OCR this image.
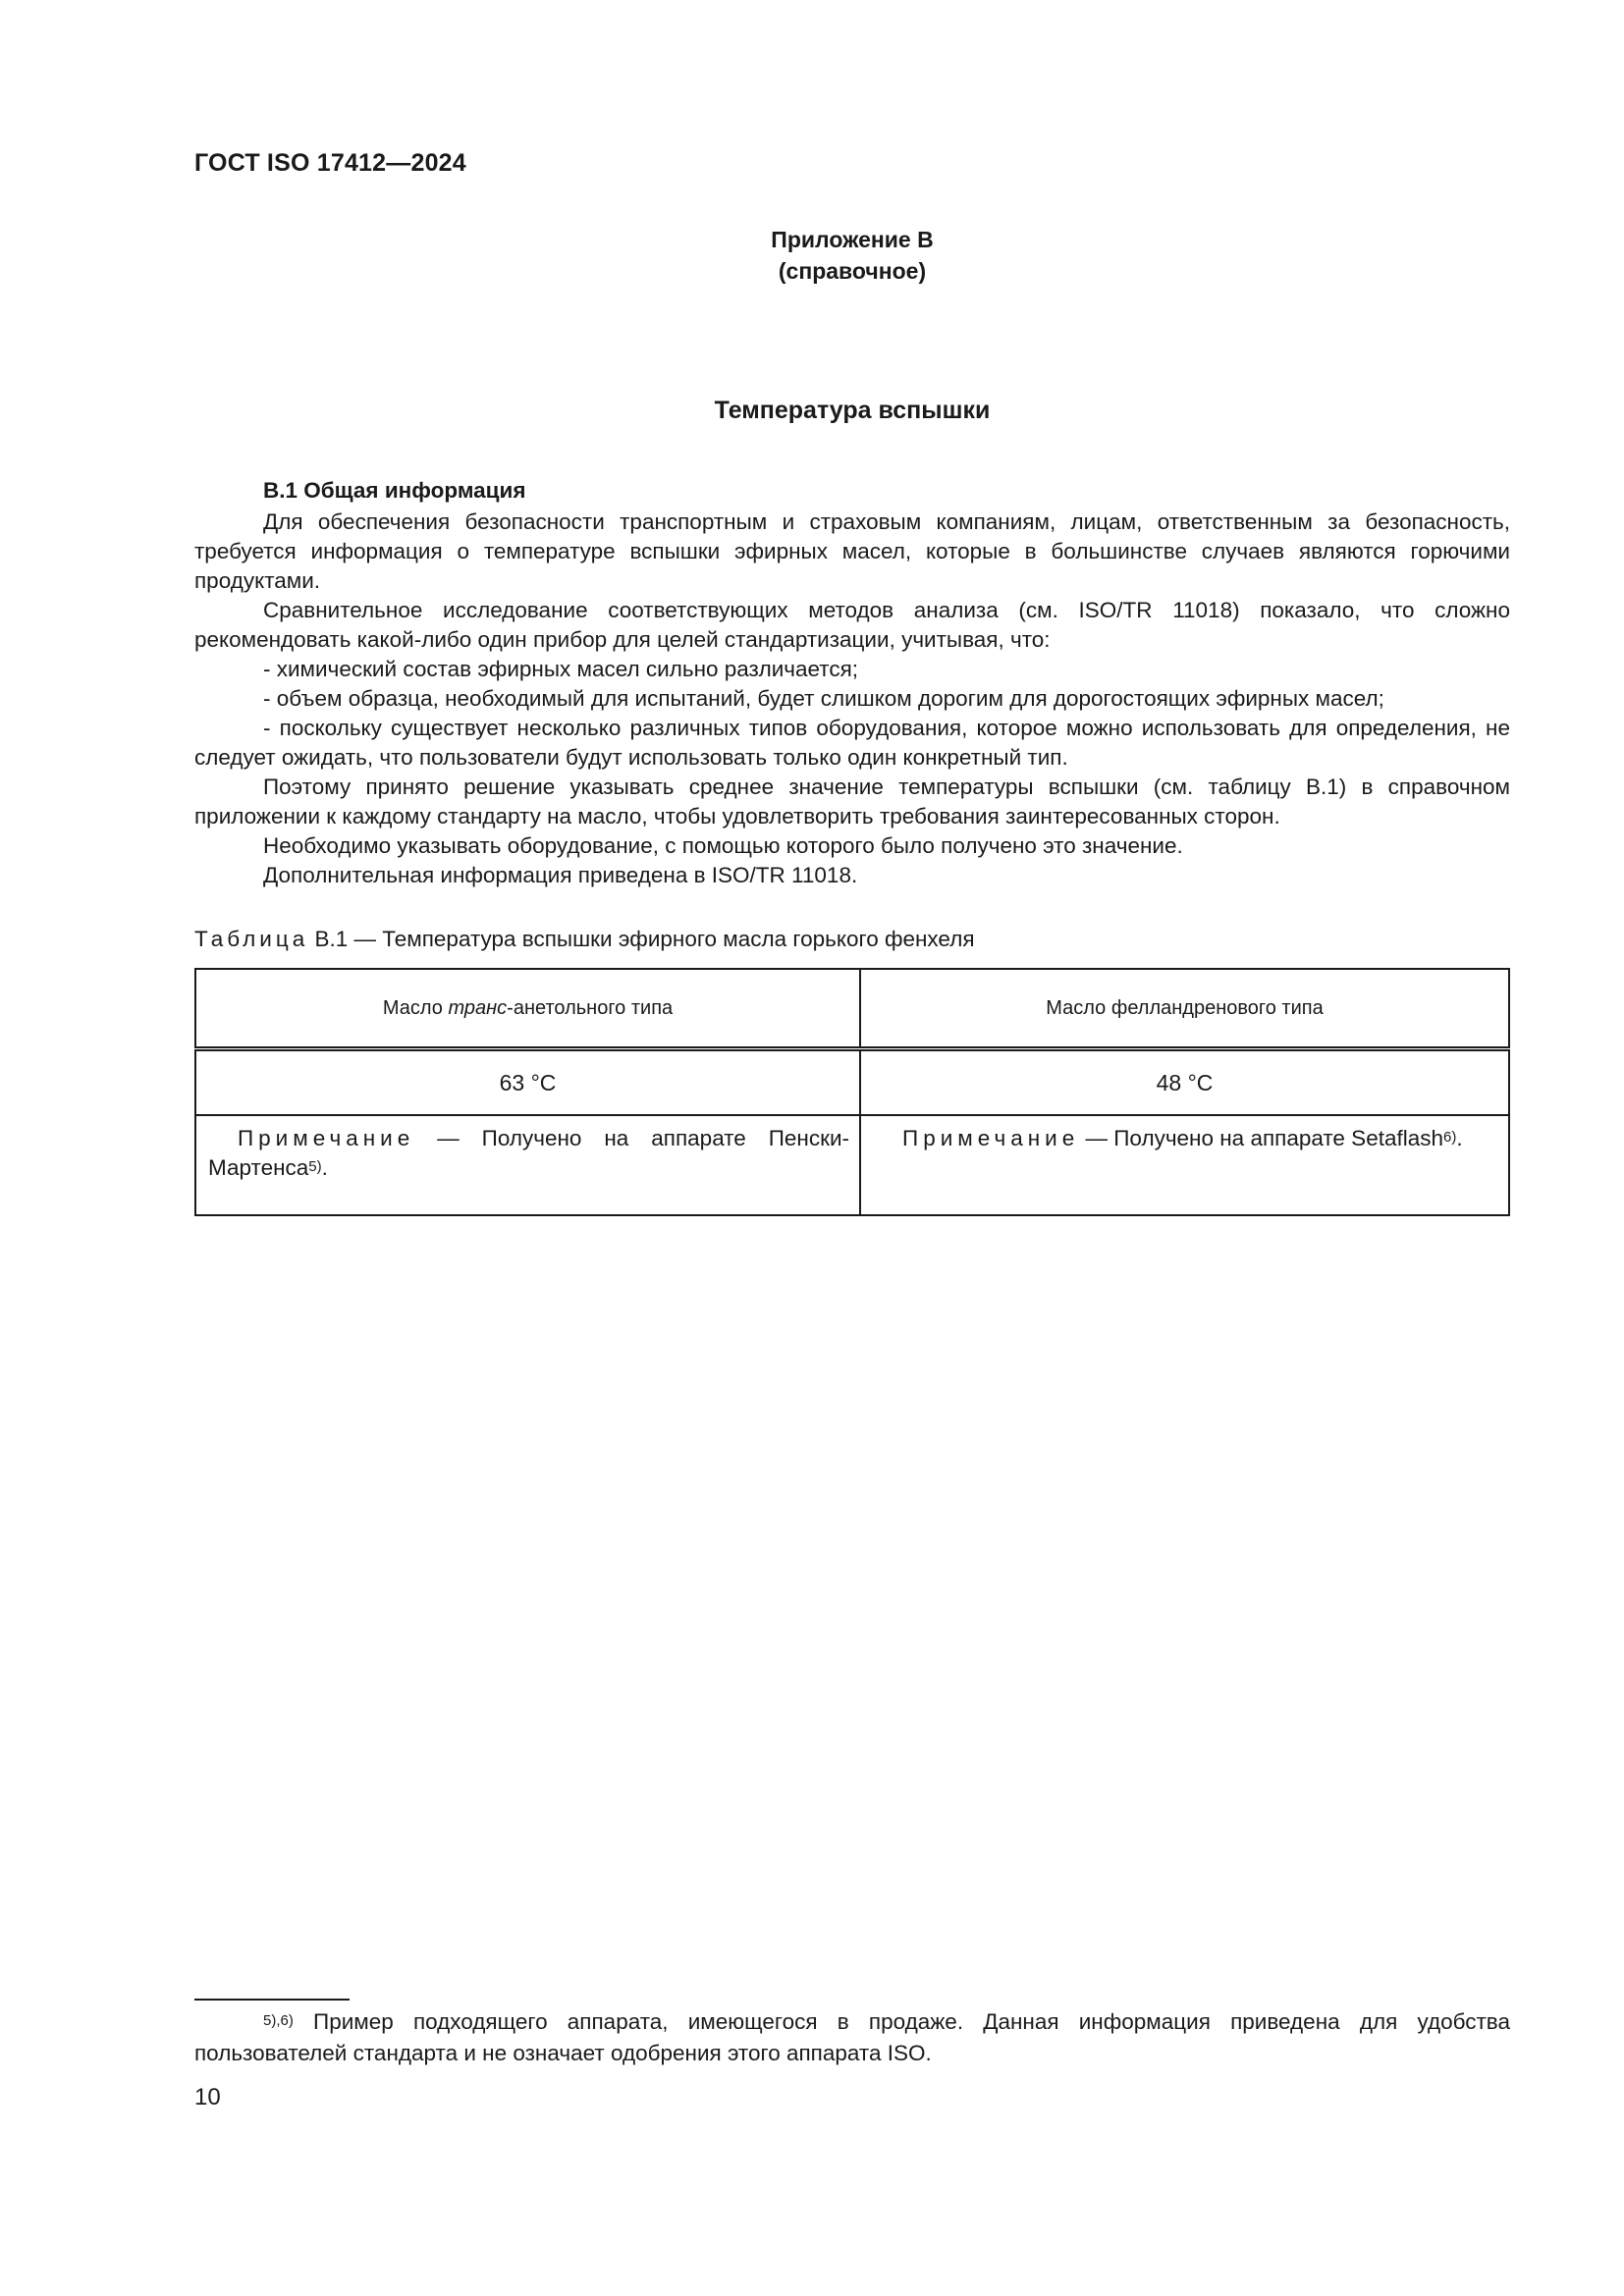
ГОСТ ISO 17412—2024
Приложение В
(справочное)
Температура вспышки
В.1 Общая информация

Для обеспечения безопасности транспортным и страховым компаниям, лицам, ответственным за безопасность, требуется информация о температуре вспышки эфирных масел, которые в большинстве случаев являются горючими продуктами.

Сравнительное исследование соответствующих методов анализа (см. ISO/TR 11018) показало, что сложно рекомендовать какой-либо один прибор для целей стандартизации, учитывая, что:

- химический состав эфирных масел сильно различается;

- объем образца, необходимый для испытаний, будет слишком дорогим для дорогостоящих эфирных масел;

- поскольку существует несколько различных типов оборудования, которое можно использовать для определения, не следует ожидать, что пользователи будут использовать только один конкретный тип.

Поэтому принято решение указывать среднее значение температуры вспышки (см. таблицу В.1) в справочном приложении к каждому стандарту на масло, чтобы удовлетворить требования заинтересованных сторон.

Необходимо указывать оборудование, с помощью которого было получено это значение.

Дополнительная информация приведена в ISO/TR 11018.

Таблица В.1 — Температура вспышки эфирного масла горького фенхеля
Масло транс-анетольного типа	Масло фелландренового типа
63 °C	48 °C
Примечание — Получено на аппарате Пенски-Мартенса$^{5)}$.	Примечание — Получено на аппарате Setaflash$^{6)}$.
$^{5),6)}$ Пример подходящего аппарата, имеющегося в продаже. Данная информация приведена для удобства пользователей стандарта и не означает одобрения этого аппарата ISO.
10
